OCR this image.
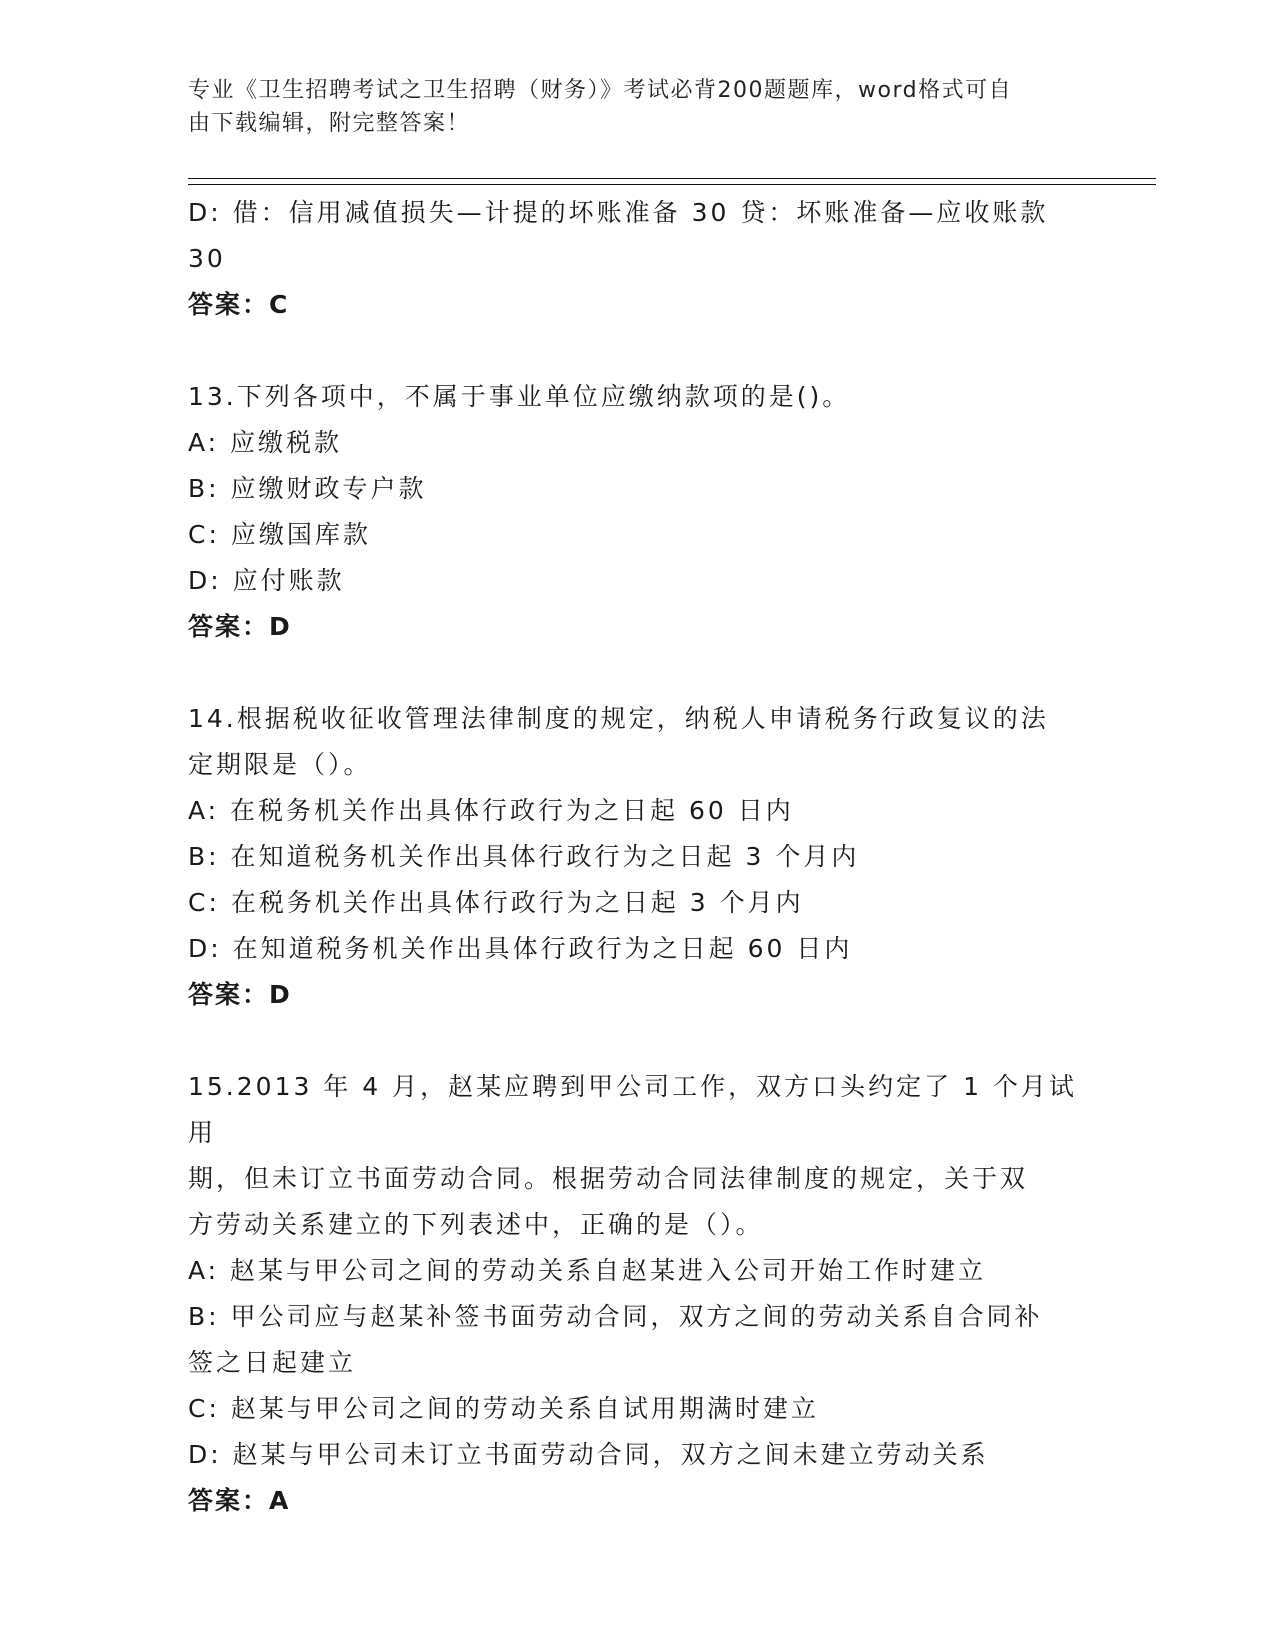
专业《卫生招聘考试之卫生招聘（财务）》考试必背200题题库，word格式可自
由下载编辑，附完整答案！
D: 借：信用减值损失—计提的坏账准备 30 贷：坏账准备—应收账款
30
答案：C
13.下列各项中，不属于事业单位应缴纳款项的是()。
A: 应缴税款
B: 应缴财政专户款
C: 应缴国库款
D: 应付账款
答案：D
14.根据税收征收管理法律制度的规定，纳税人申请税务行政复议的法
定期限是（）。
A: 在税务机关作出具体行政行为之日起 60 日内
B: 在知道税务机关作出具体行政行为之日起 3 个月内
C: 在税务机关作出具体行政行为之日起 3 个月内
D: 在知道税务机关作出具体行政行为之日起 60 日内
答案：D
15.2013 年 4 月，赵某应聘到甲公司工作，双方口头约定了 1 个月试用
期，但未订立书面劳动合同。根据劳动合同法律制度的规定，关于双
方劳动关系建立的下列表述中，正确的是（）。
A: 赵某与甲公司之间的劳动关系自赵某进入公司开始工作时建立
B: 甲公司应与赵某补签书面劳动合同，双方之间的劳动关系自合同补
签之日起建立
C: 赵某与甲公司之间的劳动关系自试用期满时建立
D: 赵某与甲公司未订立书面劳动合同，双方之间未建立劳动关系
答案：A
